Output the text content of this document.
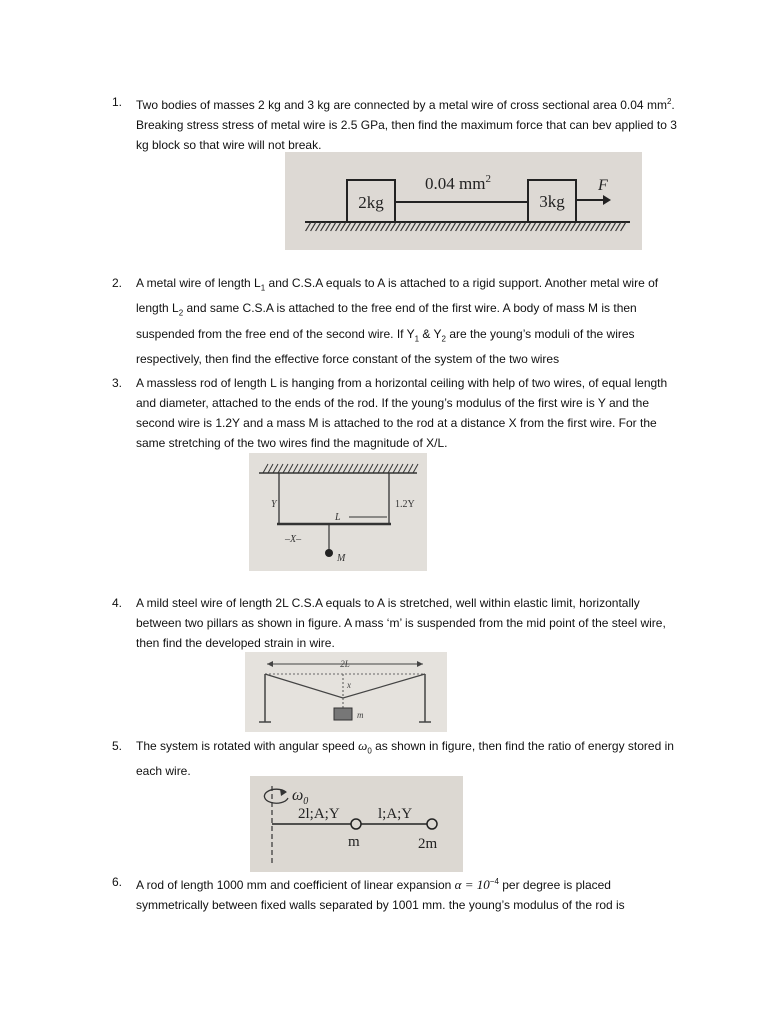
1.	Two bodies of masses 2 kg and 3 kg are connected by a metal wire of cross sectional area 0.04 $mm^2$. Breaking stress stress of metal wire is 2.5 GPa, then find the maximum force that can bev applied to 3 kg block so that wire will not break.
2kg	3kg
0.04 $mm^2$	F
2.	A metal wire of length $L_1$ and C.S.A equals to A is attached to a rigid support. Another metal wire of length $L_2$ and same C.S.A is attached to the free end of the first wire. A body of mass M is then suspended from the free end of the second wire. If $Y_1$ & $Y_2$ are the young’s moduli of the wires respectively, then find the effective force constant of the system of the two wires
3.	A massless rod of length L is hanging from a horizontal ceiling with help of two wires, of equal length and diameter, attached to the ends of the rod. If the young’s modulus of the first wire is Y and the second wire is 1.2Y and a mass M is attached to the rod at a distance X from the first wire. For the same stretching of the two wires find the magnitude of X/L.
Y	1.2Y
L
–X–
M
4.	A mild steel wire of length 2L C.S.A equals to A is stretched, well within elastic limit, horizontally between two pillars as shown in figure. A mass ‘m’ is suspended from the mid point of the steel wire, then find the developed strain in wire.
2L
x
m
5.	The system is rotated with angular speed $\omega_0$ as shown in figure, then find the ratio of energy stored in each wire.
$\omega_0$
2l;A;Y	l;A;Y
m	2m
6.	A rod of length 1000 mm and coefficient of linear expansion $\alpha = 10^{-4}$ per degree is placed symmetrically between fixed walls separated by 1001 mm. the young’s modulus of the rod is
